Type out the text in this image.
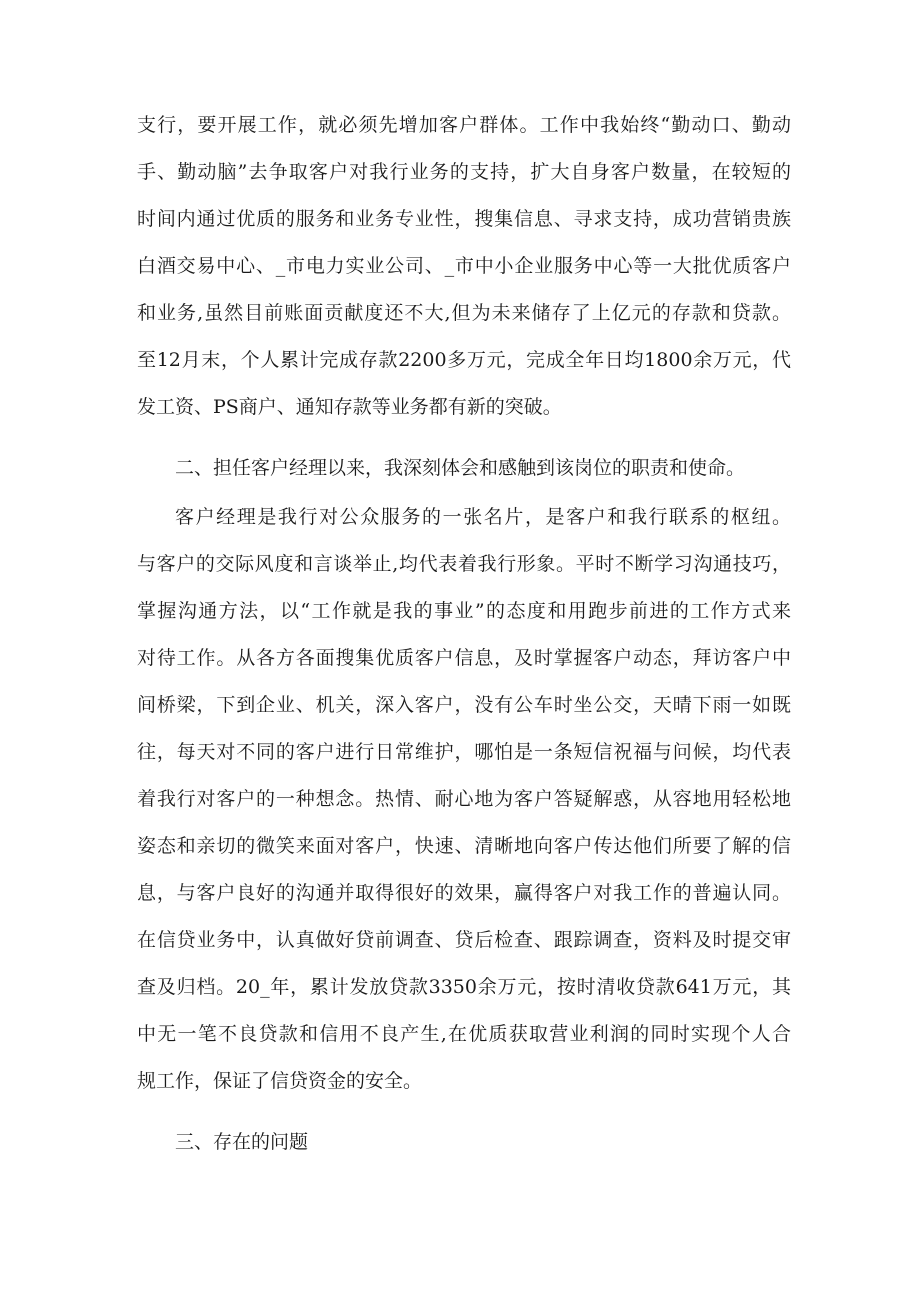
支行，要开展工作，就必须先增加客户群体。工作中我始终“勤动口、勤动
手、勤动脑”去争取客户对我行业务的支持，扩大自身客户数量，在较短的
时间内通过优质的服务和业务专业性，搜集信息、寻求支持，成功营销贵族
白酒交易中心、_市电力实业公司、_市中小企业服务中心等一大批优质客户
和业务,虽然目前账面贡献度还不大,但为未来储存了上亿元的存款和贷款。
至12月末，个人累计完成存款2200多万元，完成全年日均1800余万元，代
发工资、PS商户、通知存款等业务都有新的突破。
二、担任客户经理以来，我深刻体会和感触到该岗位的职责和使命。
客户经理是我行对公众服务的一张名片，是客户和我行联系的枢纽。
与客户的交际风度和言谈举止,均代表着我行形象。平时不断学习沟通技巧，
掌握沟通方法，以“工作就是我的事业”的态度和用跑步前进的工作方式来
对待工作。从各方各面搜集优质客户信息，及时掌握客户动态，拜访客户中
间桥梁，下到企业、机关，深入客户，没有公车时坐公交，天晴下雨一如既
往，每天对不同的客户进行日常维护，哪怕是一条短信祝福与问候，均代表
着我行对客户的一种想念。热情、耐心地为客户答疑解惑，从容地用轻松地
姿态和亲切的微笑来面对客户，快速、清晰地向客户传达他们所要了解的信
息，与客户良好的沟通并取得很好的效果，赢得客户对我工作的普遍认同。
在信贷业务中，认真做好贷前调查、贷后检查、跟踪调查，资料及时提交审
查及归档。20_年，累计发放贷款3350余万元，按时清收贷款641万元，其
中无一笔不良贷款和信用不良产生,在优质获取营业利润的同时实现个人合
规工作，保证了信贷资金的安全。
三、存在的问题
